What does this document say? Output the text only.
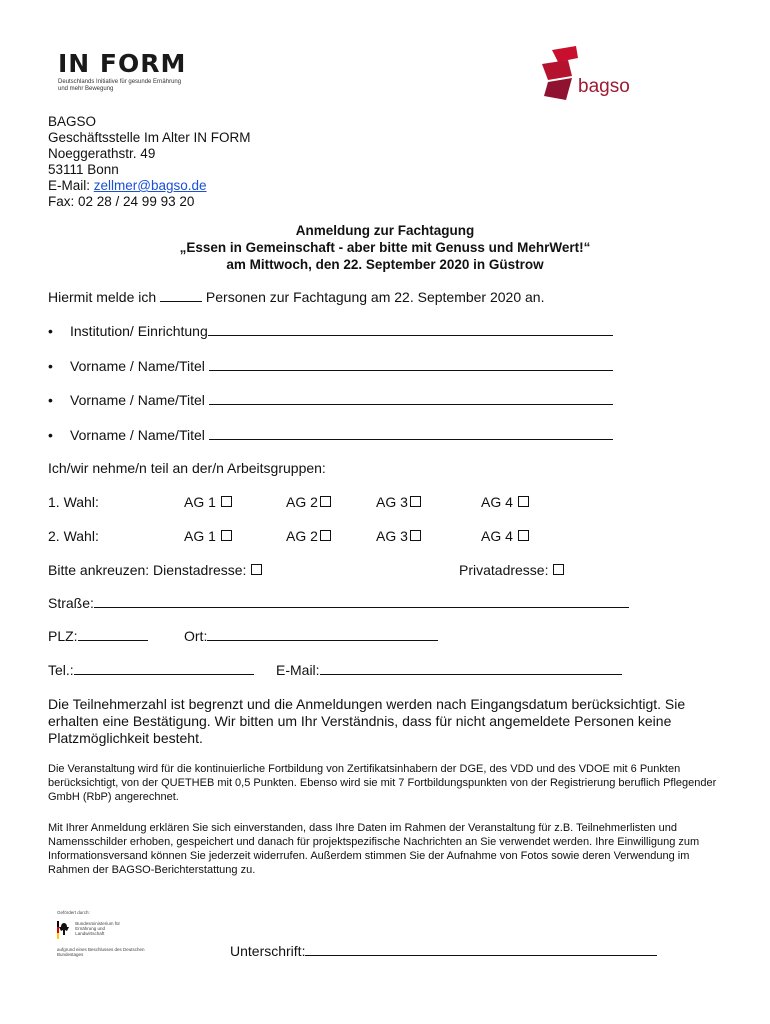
IN FORM
Deutschlands Initiative für gesunde Ernährung
und mehr Bewegung	bagso
BAGSO
Geschäftsstelle Im Alter IN FORM
Noeggerathstr. 49
53111 Bonn
E-Mail: zellmer@bagso.de
Fax: 02 28 / 24 99 93 20
Anmeldung zur Fachtagung
„Essen in Gemeinschaft - aber bitte mit Genuss und MehrWert!“
am Mittwoch, den 22. September 2020 in Güstrow
Hiermit melde ich	Personen zur Fachtagung am 22. September 2020 an.
• Institution/ Einrichtung
• Vorname / Name/Titel
• Vorname / Name/Titel
• Vorname / Name/Titel
Ich/wir nehme/n teil an der/n Arbeitsgruppen:
1. Wahl:	AG 1	AG 2	AG 3	AG 4
2. Wahl:	AG 1	AG 2	AG 3	AG 4
Bitte ankreuzen: Dienstadresse:	Privatadresse:
Straße:
PLZ:	Ort:
Tel.:	E-Mail:
Die Teilnehmerzahl ist begrenzt und die Anmeldungen werden nach Eingangsdatum berücksichtigt. Sie erhalten eine Bestätigung. Wir bitten um Ihr Verständnis, dass für nicht angemeldete Personen keine Platzmöglichkeit besteht.
Die Veranstaltung wird für die kontinuierliche Fortbildung von Zertifikatsinhabern der DGE, des VDD und des VDOE mit 6 Punkten berücksichtigt, von der QUETHEB mit 0,5 Punkten. Ebenso wird sie mit 7 Fortbildungspunkten von der Registrierung beruflich Pflegender GmbH (RbP) angerechnet.
Mit Ihrer Anmeldung erklären Sie sich einverstanden, dass Ihre Daten im Rahmen der Veranstaltung für z.B. Teilnehmerlisten und Namensschilder erhoben, gespeichert und danach für projektspezifische Nachrichten an Sie verwendet werden. Ihre Einwilligung zum Informationsversand können Sie jederzeit widerrufen. Außerdem stimmen Sie der Aufnahme von Fotos sowie deren Verwendung im Rahmen der BAGSO-Berichterstattung zu.
Gefördert durch:
Bundesministerium für Ernährung und Landwirtschaft
aufgrund eines Beschlusses des Deutschen Bundestages	Unterschrift:
